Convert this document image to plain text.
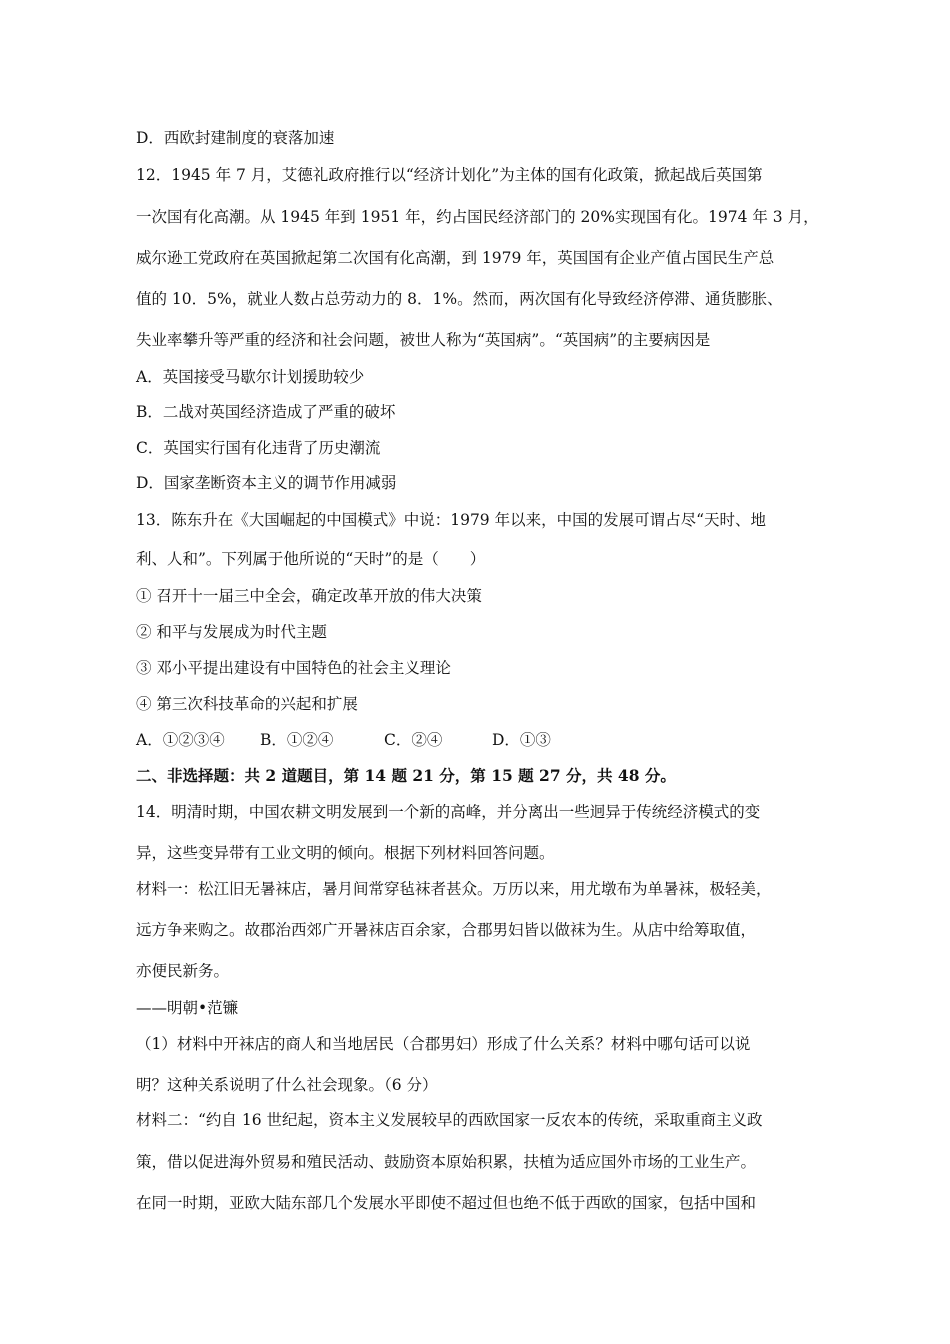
D．西欧封建制度的衰落加速
12．1945 年 7 月，艾德礼政府推行以“经济计划化”为主体的国有化政策，掀起战后英国第
一次国有化高潮。从 1945 年到 1951 年，约占国民经济部门的 20%实现国有化。1974 年 3 月，
威尔逊工党政府在英国掀起第二次国有化高潮，到 1979 年，英国国有企业产值占国民生产总
值的 10．5%，就业人数占总劳动力的 8．1%。然而，两次国有化导致经济停滞、通货膨胀、
失业率攀升等严重的经济和社会问题，被世人称为“英国病”。“英国病”的主要病因是
A．英国接受马歇尔计划援助较少
B．二战对英国经济造成了严重的破坏
C．英国实行国有化违背了历史潮流
D．国家垄断资本主义的调节作用减弱
13．陈东升在《大国崛起的中国模式》中说：1979 年以来，中国的发展可谓占尽“天时、地
利、人和”。下列属于他所说的“天时”的是（　　）
① 召开十一届三中全会，确定改革开放的伟大决策
② 和平与发展成为时代主题
③ 邓小平提出建设有中国特色的社会主义理论
④ 第三次科技革命的兴起和扩展
A．①②③④ B．①②④	C．②④	D．①③
二、非选择题：共 2 道题目，第 14 题 21 分，第 15 题 27 分，共 48 分。
14．明清时期，中国农耕文明发展到一个新的高峰，并分离出一些迥异于传统经济模式的变
异，这些变异带有工业文明的倾向。根据下列材料回答问题。
材料一：松江旧无暑袜店，暑月间常穿毡袜者甚众。万历以来，用尤墩布为单暑袜，极轻美，
远方争来购之。故郡治西郊广开暑袜店百余家，合郡男妇皆以做袜为生。从店中给筹取值，
亦便民新务。
——明朝•范镰
（1）材料中开袜店的商人和当地居民（合郡男妇）形成了什么关系？材料中哪句话可以说
明？这种关系说明了什么社会现象。（6 分）
材料二：“约自 16 世纪起，资本主义发展较早的西欧国家一反农本的传统，采取重商主义政
策，借以促进海外贸易和殖民活动、鼓励资本原始积累，扶植为适应国外市场的工业生产。
在同一时期，亚欧大陆东部几个发展水平即使不超过但也绝不低于西欧的国家，包括中国和
